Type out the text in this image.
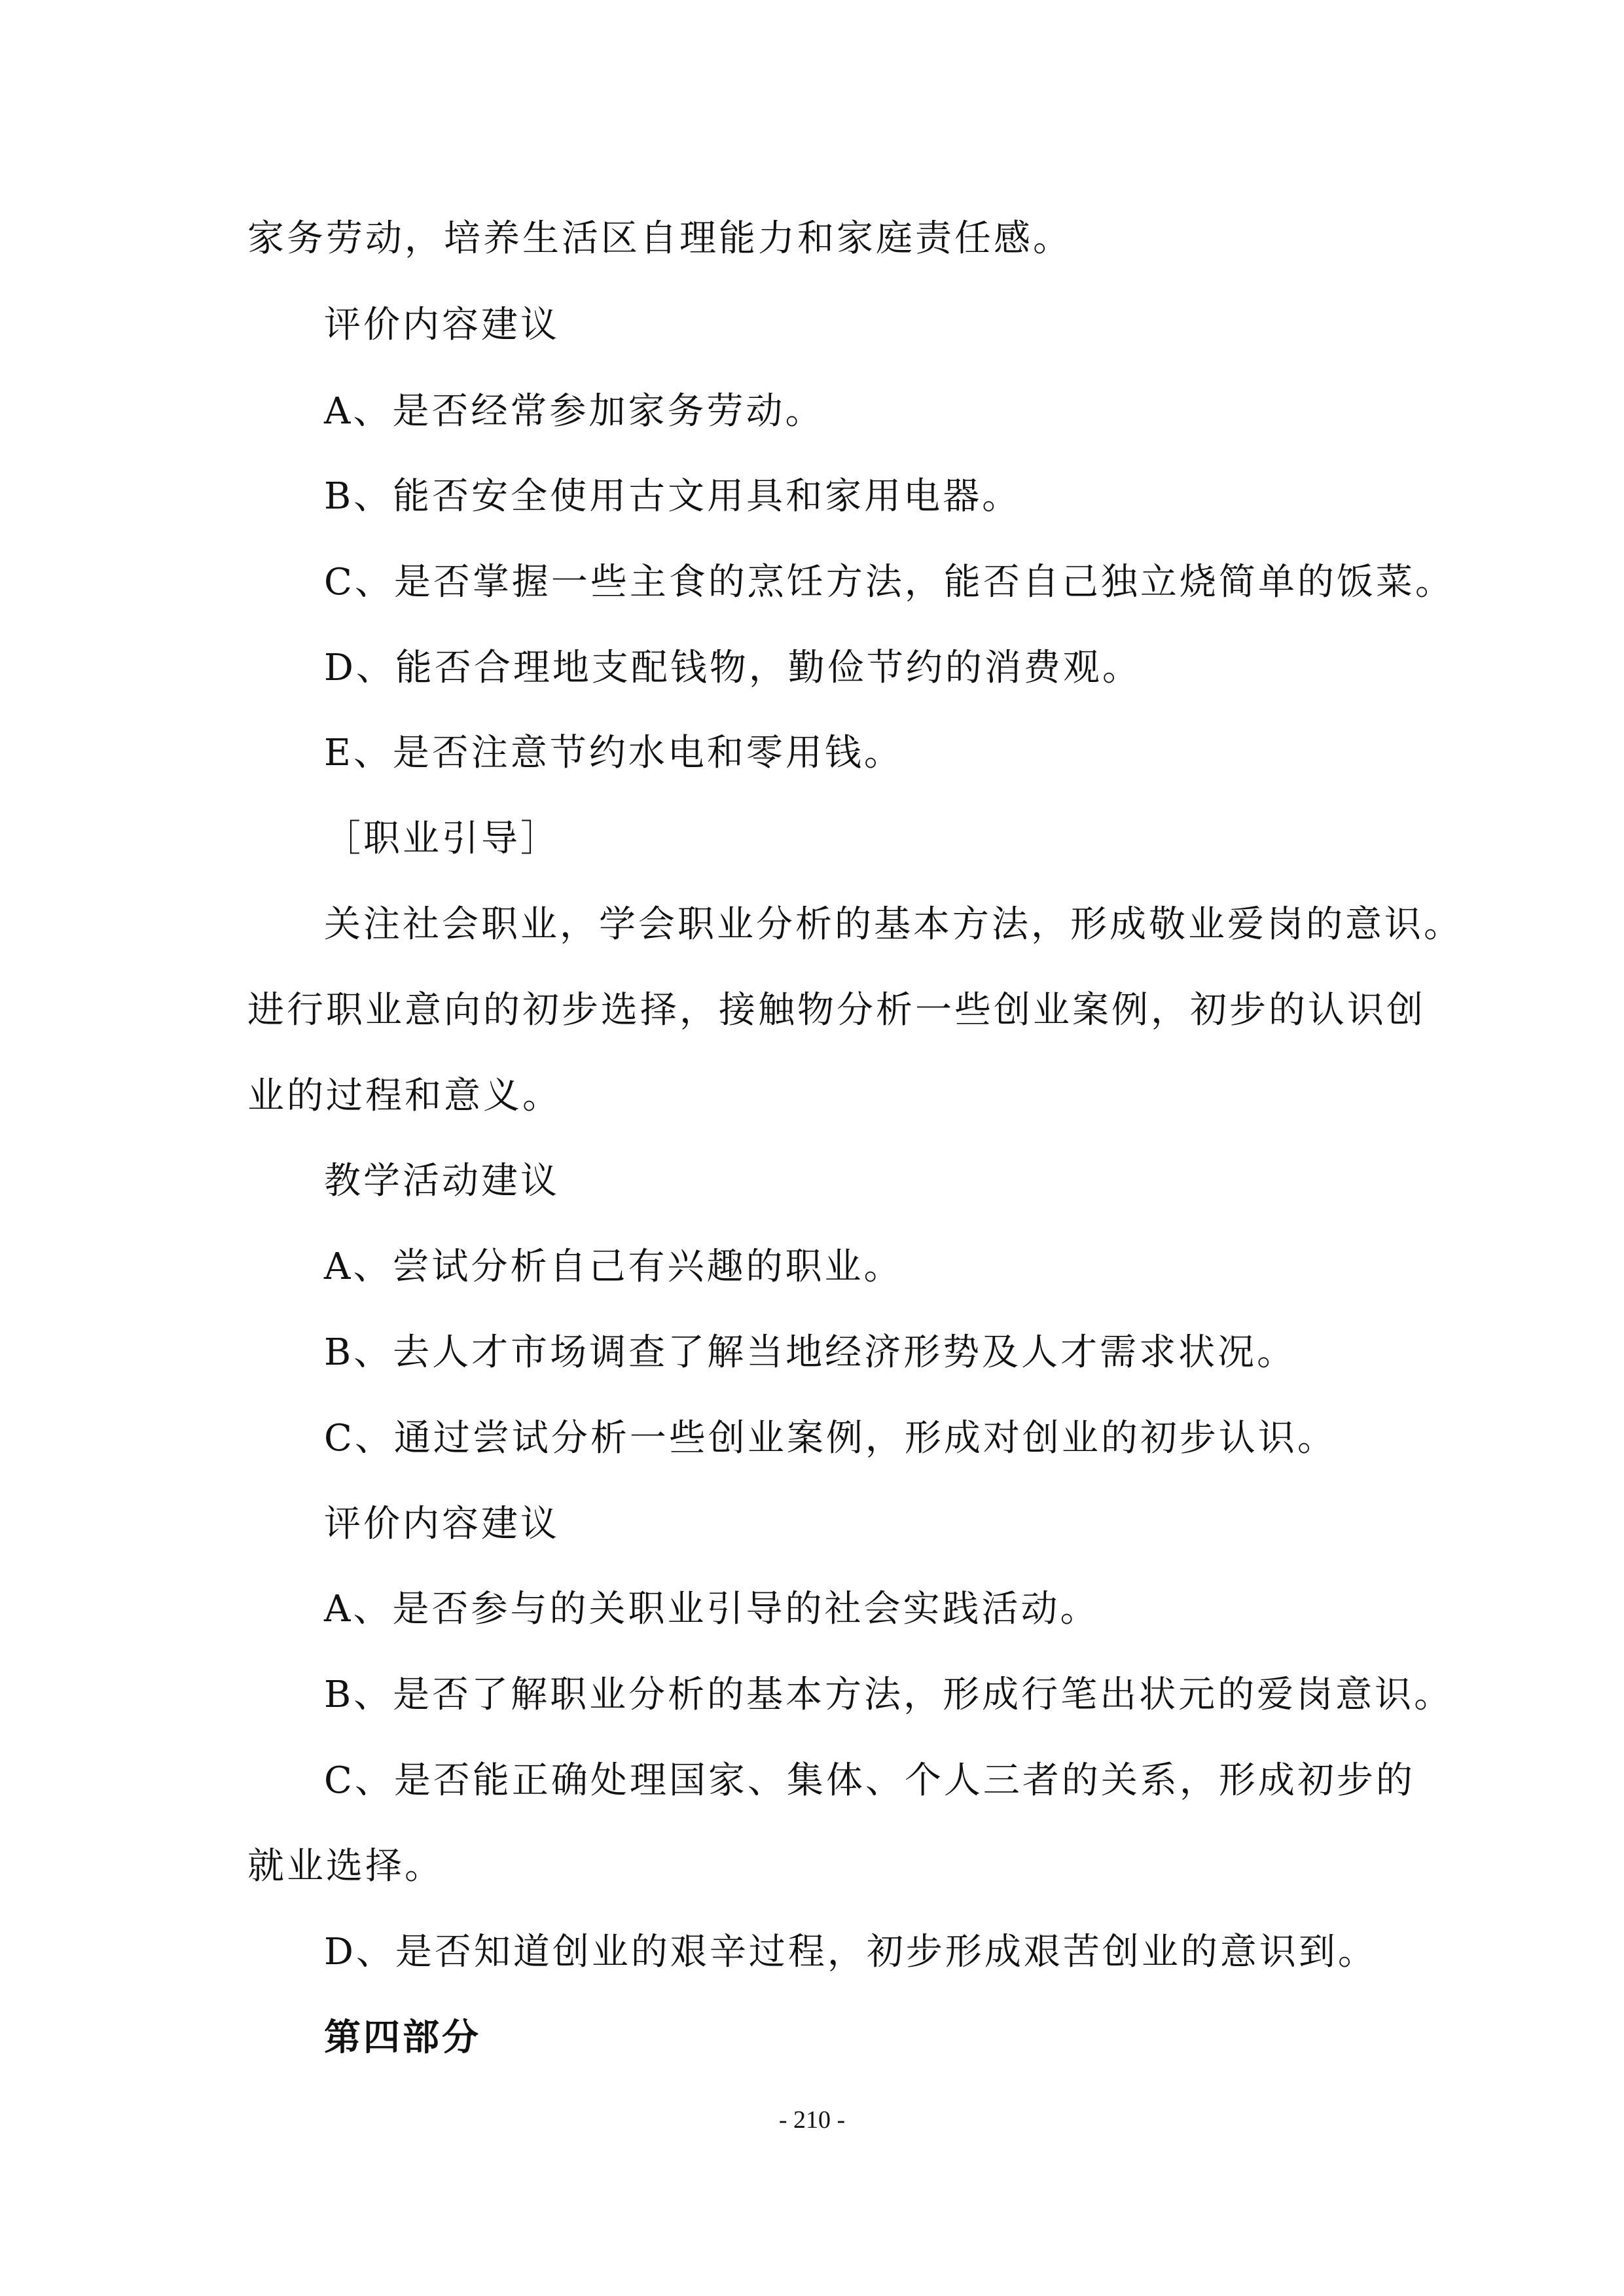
家务劳动，培养生活区自理能力和家庭责任感。
评价内容建议
A、是否经常参加家务劳动。
B、能否安全使用古文用具和家用电器。
C、是否掌握一些主食的烹饪方法，能否自己独立烧简单的饭菜。
D、能否合理地支配钱物，勤俭节约的消费观。
E、是否注意节约水电和零用钱。
［职业引导］
关注社会职业，学会职业分析的基本方法，形成敬业爱岗的意识。
进行职业意向的初步选择，接触物分析一些创业案例，初步的认识创
业的过程和意义。
教学活动建议
A、尝试分析自己有兴趣的职业。
B、去人才市场调查了解当地经济形势及人才需求状况。
C、通过尝试分析一些创业案例，形成对创业的初步认识。
评价内容建议
A、是否参与的关职业引导的社会实践活动。
B、是否了解职业分析的基本方法，形成行笔出状元的爱岗意识。
C、是否能正确处理国家、集体、个人三者的关系，形成初步的
就业选择。
D、是否知道创业的艰辛过程，初步形成艰苦创业的意识到。
第四部分
- 210 -
